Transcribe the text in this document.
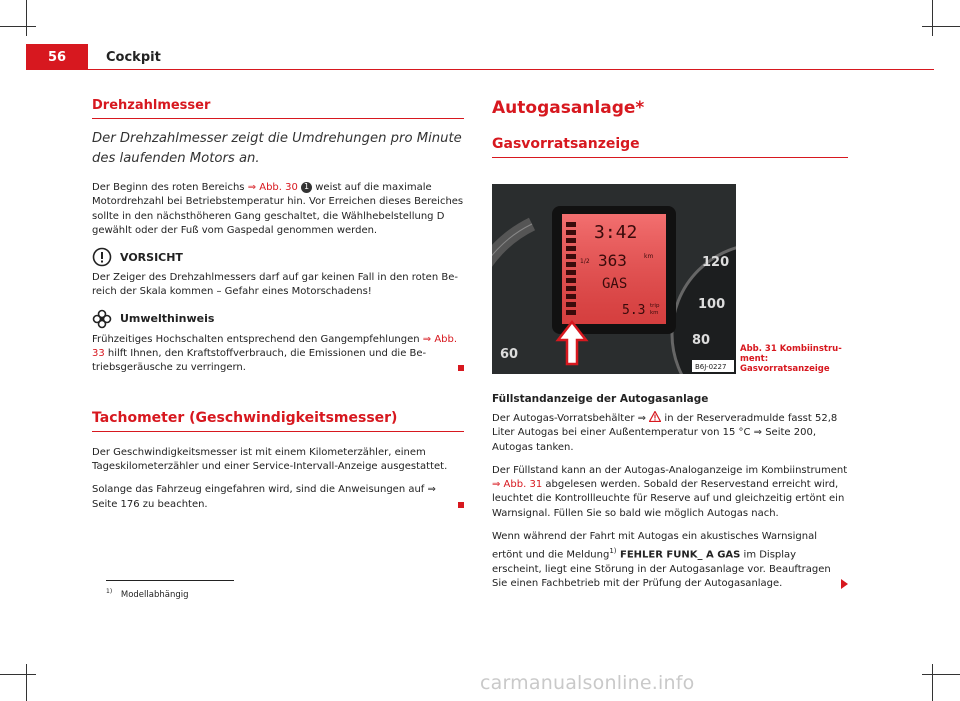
56	Cockpit
Drehzahlmesser

Der Drehzahlmesser zeigt die Umdrehungen pro Minute des laufenden Motors an.

Der Beginn des roten Bereichs ⇒ Abb. 30 1 weist auf die maximale Motordrehzahl bei Betriebstemperatur hin. Vor Erreichen dieses Bereiches sollte in den nächsthöheren Gang geschaltet, die Wählhebelstellung D gewählt oder der Fuß vom Gaspedal genommen werden.

VORSICHT

Der Zeiger des Drehzahlmessers darf auf gar keinen Fall in den roten Bereich der Skala kommen – Gefahr eines Motorschadens!

Umwelthinweis

Frühzeitiges Hochschalten entsprechend den Gangempfehlungen ⇒ Abb. 33 hilft Ihnen, den Kraftstoffverbrauch, die Emissionen und die Betriebsgeräusche zu verringern.

Tachometer (Geschwindigkeitsmesser)

Der Geschwindigkeitsmesser ist mit einem Kilometerzähler, einem Tageskilometerzähler und einer Service-Intervall-Anzeige ausgestattet.

Solange das Fahrzeug eingefahren wird, sind die Anweisungen auf ⇒ Seite 176 zu beachten.

Autogasanlage*
Gasvorratsanzeige
1/2
3:42
363	km
GAS
5.3 trip
km
60
100
80
120
B6J-0227
Abb. 31 Kombiinstrument: Gasvorratsanzeige
Füllstandanzeige der Autogasanlage

Der Autogas-Vorratsbehälter ⇒  in der Reserveradmulde fasst 52,8 Liter Autogas bei einer Außentemperatur von 15 °C ⇒ Seite 200, Autogas tanken.

Der Füllstand kann an der Autogas-Analoganzeige im Kombiinstrument ⇒ Abb. 31 abgelesen werden. Sobald der Reservestand erreicht wird, leuchtet die Kontrollleuchte für Reserve auf und gleichzeitig ertönt ein Warnsignal. Füllen Sie so bald wie möglich Autogas nach.

Wenn während der Fahrt mit Autogas ein akustisches Warnsignal ertönt und die Meldung$^{1)}$ FEHLER FUNK_ A GAS im Display erscheint, liegt eine Störung in der Autogasanlage vor. Beauftragen Sie einen Fachbetrieb mit der Prüfung der Autogasanlage.

$^{1)}$ Modellabhängig
carmanualsonline.info
